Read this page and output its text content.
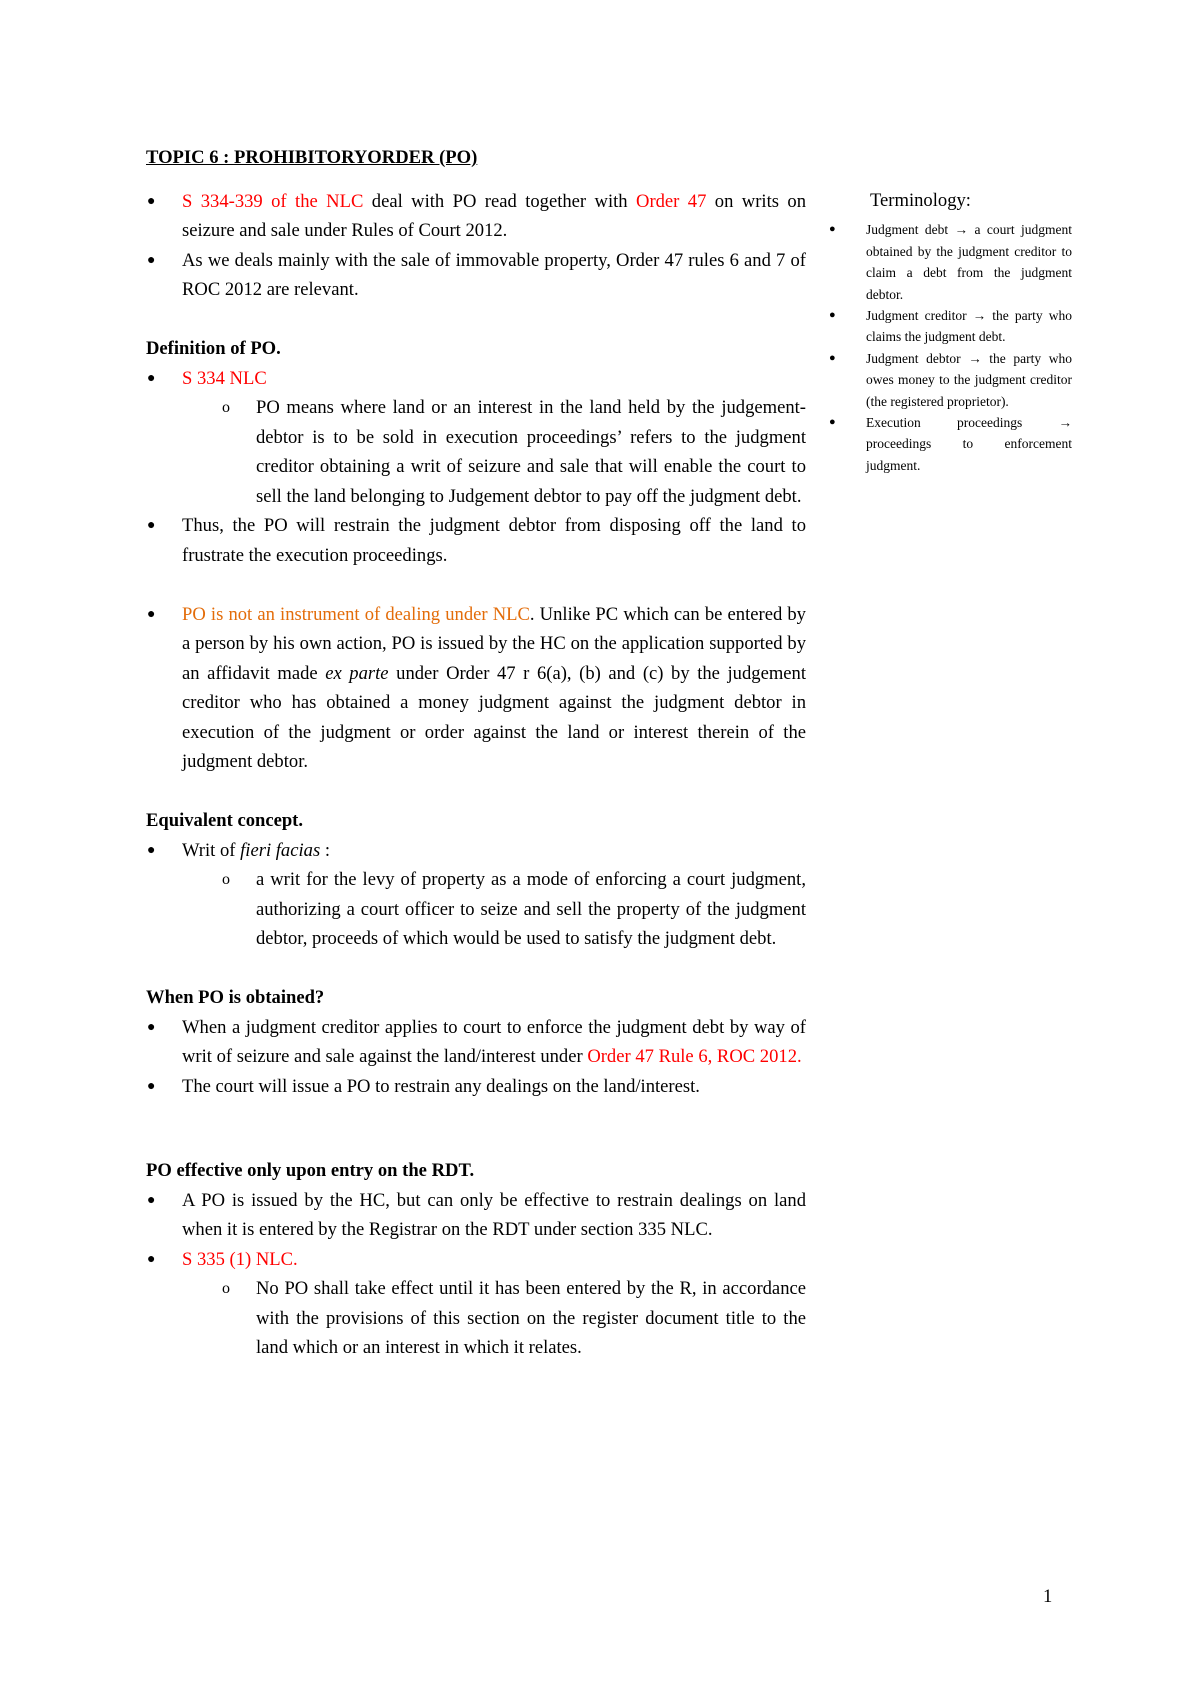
TOPIC 6 : PROHIBITORYORDER (PO)

● S 334-339 of the NLC deal with PO read together with Order 47 on writs on seizure and sale under Rules of Court 2012.
● As we deals mainly with the sale of immovable property, Order 47 rules 6 and 7 of ROC 2012 are relevant.

Definition of PO.

● S 334 NLC
o PO means where land or an interest in the land held by the judgement-debtor is to be sold in execution proceedings’ refers to the judgment creditor obtaining a writ of seizure and sale that will enable the court to sell the land belonging to Judgement debtor to pay off the judgment debt.
● Thus, the PO will restrain the judgment debtor from disposing off the land to frustrate the execution proceedings.
● PO is not an instrument of dealing under NLC. Unlike PC which can be entered by a person by his own action, PO is issued by the HC on the application supported by an affidavit made ex parte under Order 47 r 6(a), (b) and (c) by the judgement creditor who has obtained a money judgment against the judgment debtor in execution of the judgment or order against the land or interest therein of the judgment debtor.

Equivalent concept.

● Writ of fieri facias :
o a writ for the levy of property as a mode of enforcing a court judgment, authorizing a court officer to seize and sell the property of the judgment debtor, proceeds of which would be used to satisfy the judgment debt.

When PO is obtained?

● When a judgment creditor applies to court to enforce the judgment debt by way of writ of seizure and sale against the land/interest under Order 47 Rule 6, ROC 2012.
● The court will issue a PO to restrain any dealings on the land/interest.

PO effective only upon entry on the RDT.

● A PO is issued by the HC, but can only be effective to restrain dealings on land when it is entered by the Registrar on the RDT under section 335 NLC.
● S 335 (1) NLC.
o No PO shall take effect until it has been entered by the R, in accordance with the provisions of this section on the register document title to the land which or an interest in which it relates.
Terminology:
● Judgment debt → a court judgment obtained by the judgment creditor to claim a debt from the judgment debtor.
● Judgment creditor → the party who claims the judgment debt.
● Judgment debtor → the party who owes money to the judgment creditor (the registered proprietor).
● Execution proceedings → proceedings to enforcement judgment.
1
